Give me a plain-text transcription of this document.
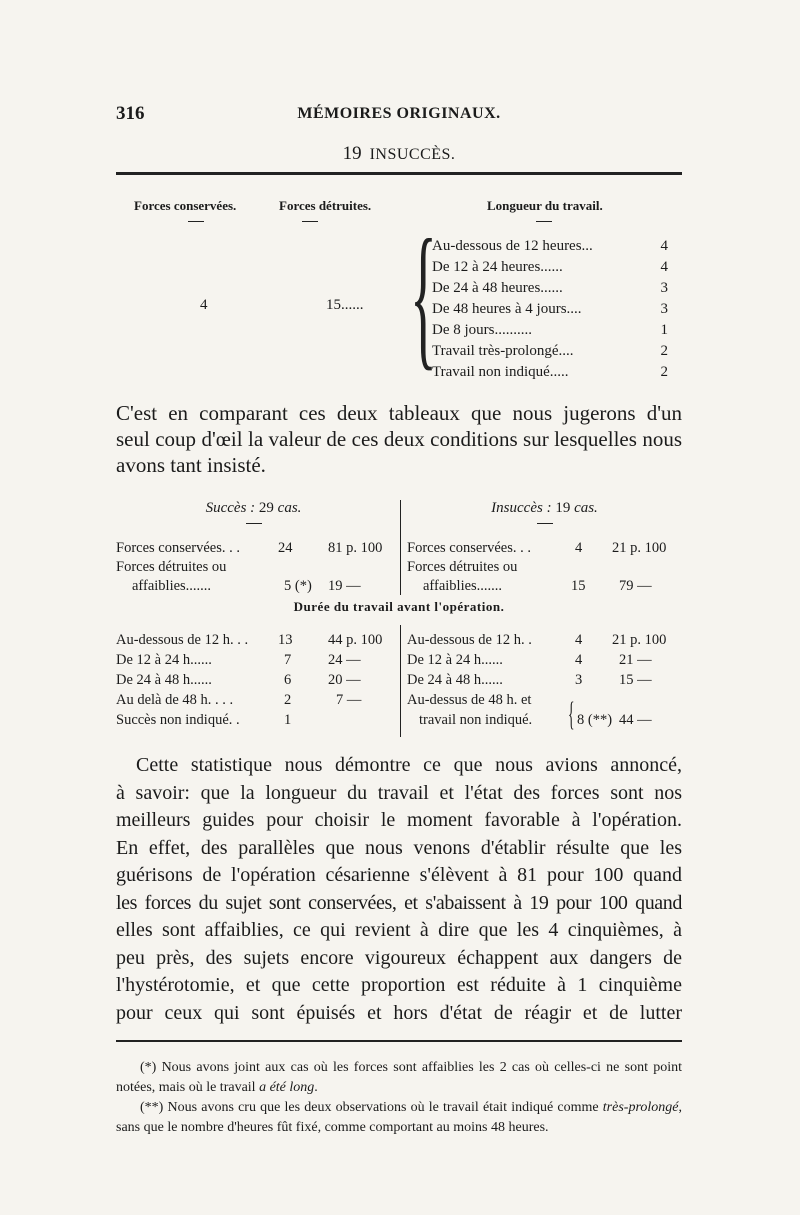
316	MÉMOIRES ORIGINAUX.
19 INSUCCÈS.
Forces conservées.	Forces détruites.	Longueur du travail.
4	15...... {
Au-dessous de 12 heures...	4
De 12 à 24 heures......	4
De 24 à 48 heures......	3
De 48 heures à 4 jours....	3
De 8 jours..........	1
Travail très-prolongé....	2
Travail non indiqué.....	2
C'est en comparant ces deux tableaux que nous jugerons d'un
seul coup d'œil la valeur de ces deux conditions sur lesquelles nous
avons tant insisté.
Succès : 29 cas.
Forces conservées. . .	24 81 p. 100
Forces détruites ou
affaiblies.......	5 (*) 19 —
Au-dessous de 12 h. . . 13 44 p. 100
De 12 à 24 h......	7	24 —
De 24 à 48 h......	6	20 —
Au delà de 48 h. . . .	2	7 —
Succès non indiqué. .	1
Durée du travail avant l'opération.
Insuccès : 19 cas.
Forces conservées. . .	4 21 p. 100
Forces détruites ou
affaiblies.......	15 79 —
Au-dessous de 12 h. .	4 21 p. 100
De 12 à 24 h......	4	21 —
De 24 à 48 h......	3	15 —
Au-dessus de 48 h. et
travail non indiqué. { 8 (**) 44 —
Cette statistique nous démontre ce que nous avions annoncé,
à savoir: que la longueur du travail et l'état des forces sont nos
meilleurs guides pour choisir le moment favorable à l'opération.
En effet, des parallèles que nous venons d'établir résulte que les
guérisons de l'opération césarienne s'élèvent à 81 pour 100 quand
les forces du sujet sont conservées, et s'abaissent à 19 pour 100 quand
elles sont affaiblies, ce qui revient à dire que les 4 cinquièmes, à
peu près, des sujets encore vigoureux échappent aux dangers de
l'hystérotomie, et que cette proportion est réduite à 1 cinquième
pour ceux qui sont épuisés et hors d'état de réagir et de lutter

(*) Nous avons joint aux cas où les forces sont affaiblies les 2 cas où celles-ci ne sont point notées, mais où le travail a été long.

(**) Nous avons cru que les deux observations où le travail était indiqué comme très-prolongé, sans que le nombre d'heures fût fixé, comme comportant au moins 48 heures.
